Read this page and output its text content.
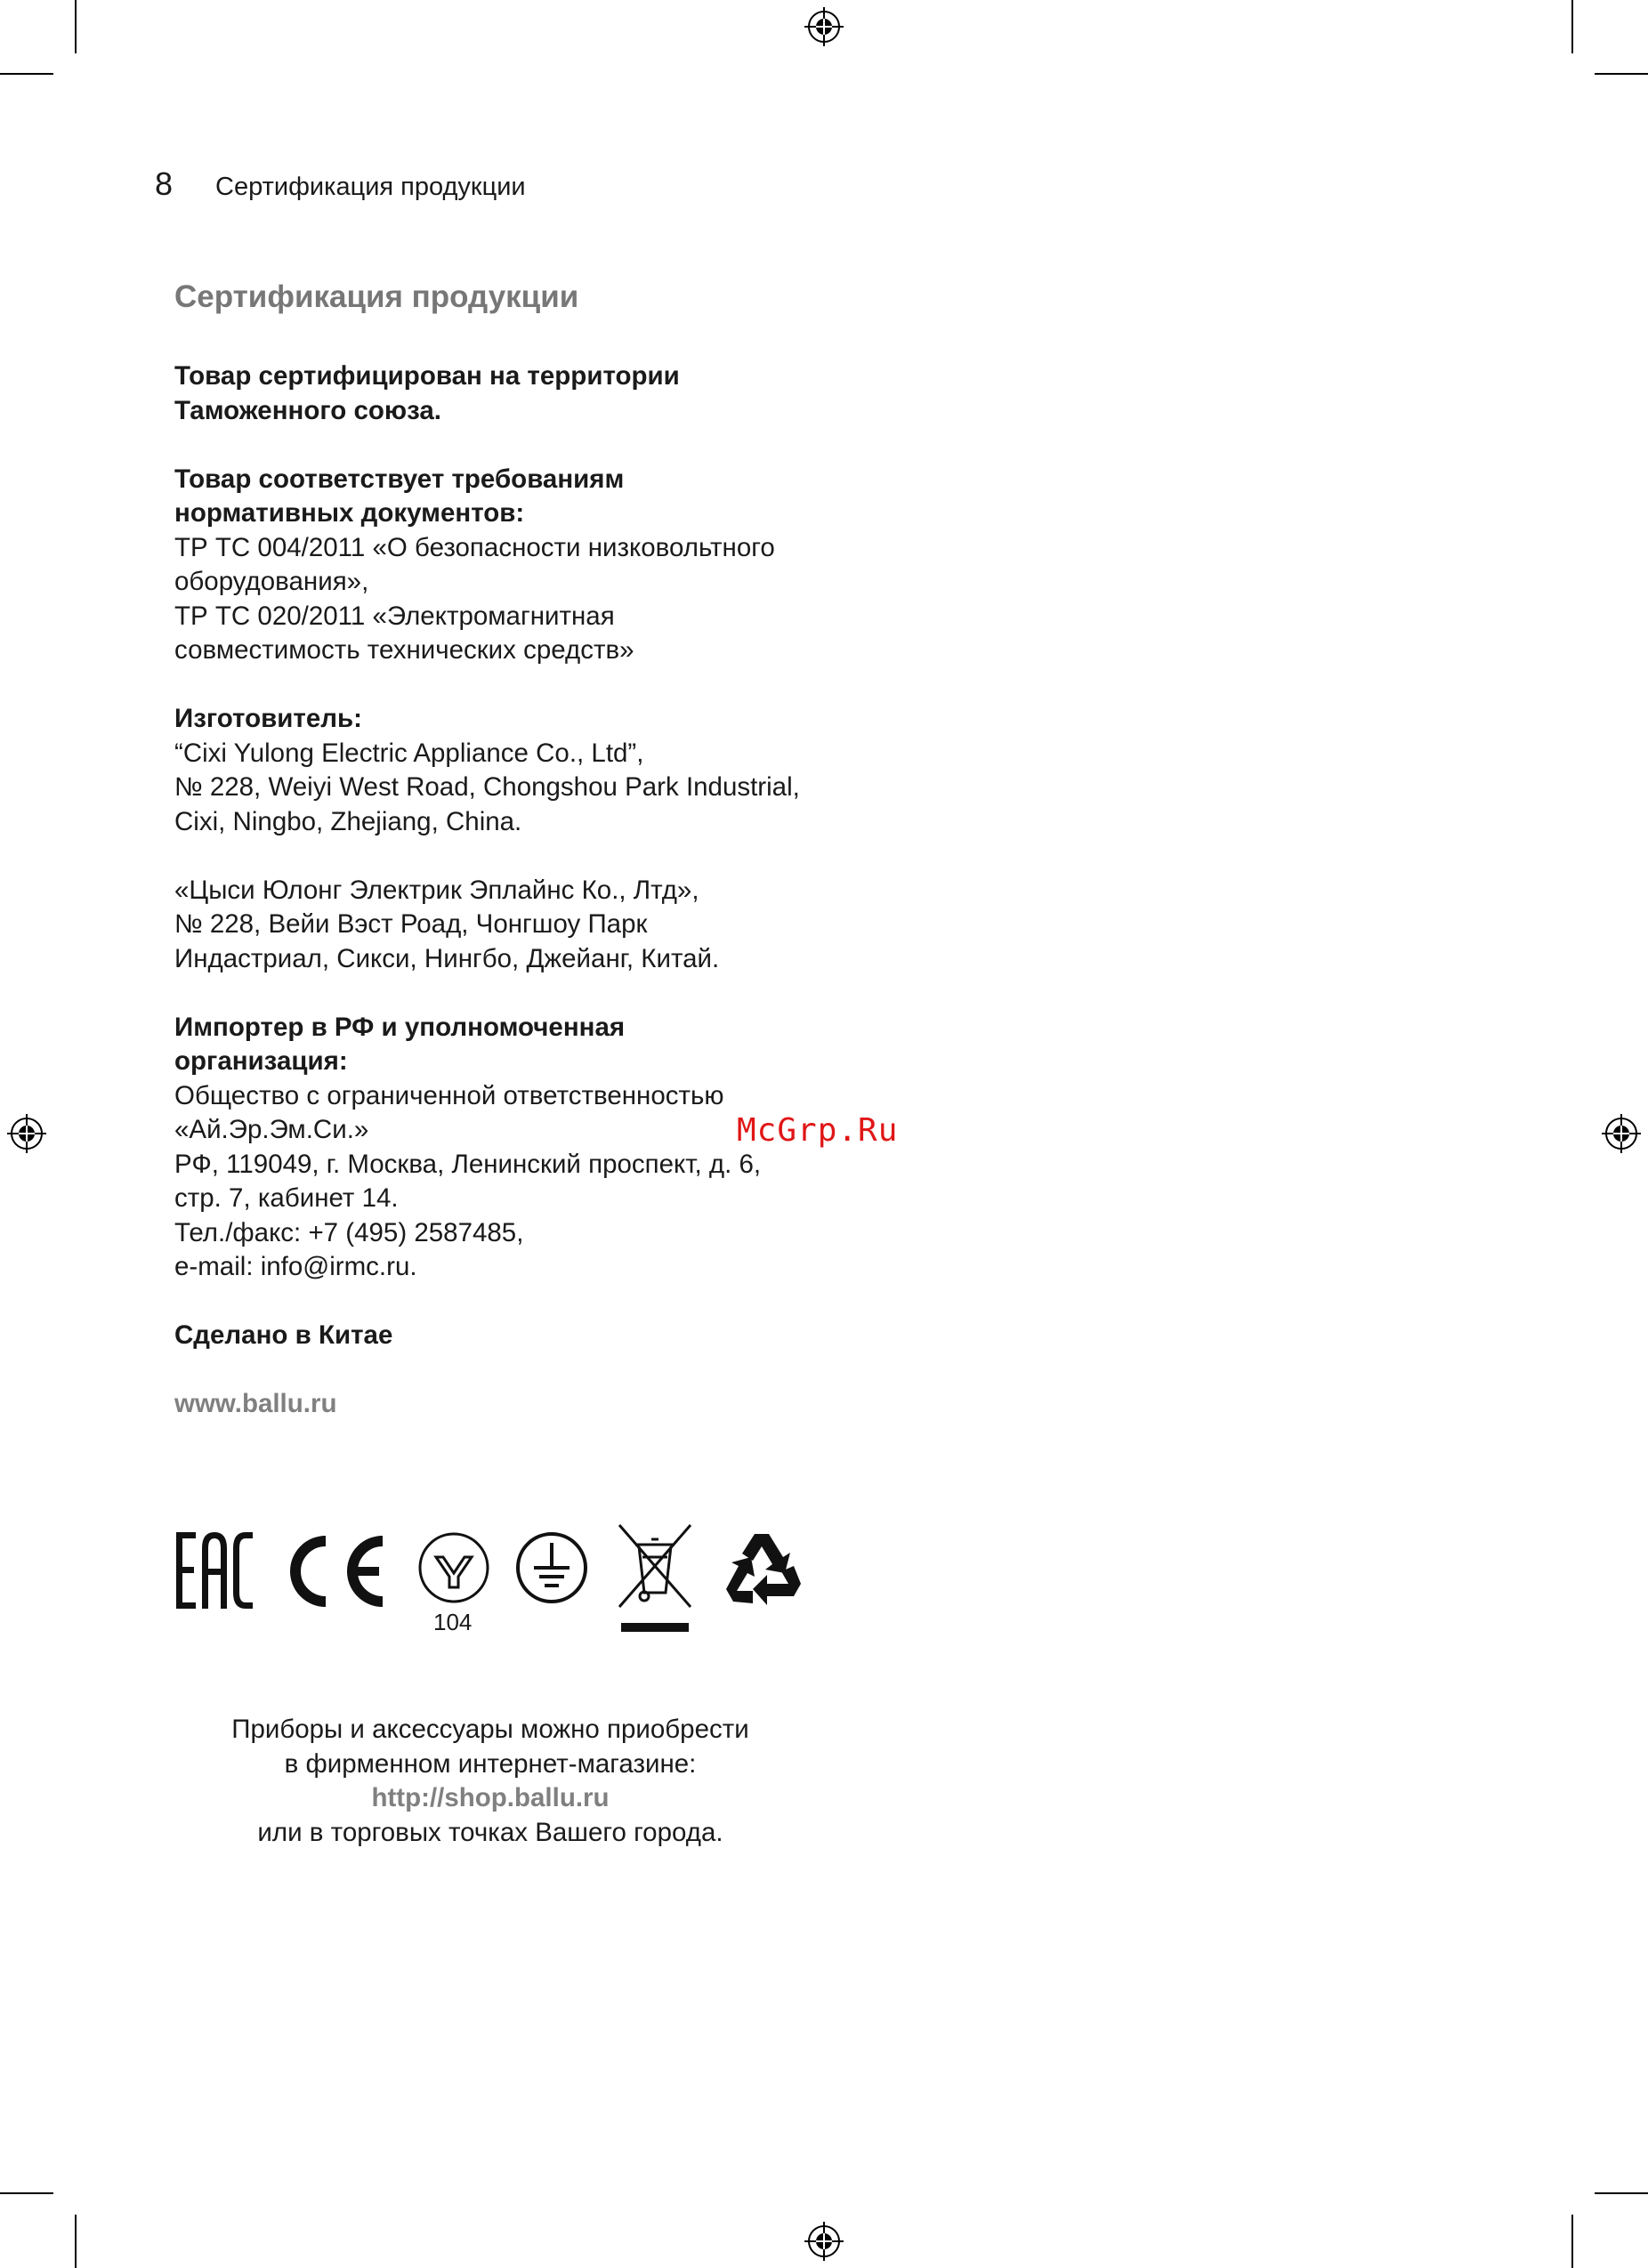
8 Сертификация продукции
Сертификация продукции
Товар сертифицирован на территории
Таможенного союза.
Товар соответствует требованиям
нормативных документов:
ТР ТС 004/2011 «О безопасности низковольтного
оборудования»,
ТР ТС 020/2011 «Электромагнитная
совместимость технических средств»
Изготовитель:
“Cixi Yulong Electric Appliance Co., Ltd”,
№ 228, Weiyi West Road, Chongshou Park Industrial,
Cixi, Ningbo, Zhejiang, China.
«Цыси Юлонг Электрик Эплайнс Ко., Лтд»,
№ 228, Вейи Вэст Роад, Чонгшоу Парк
Индастриал, Сикси, Нингбо, Джейанг, Китай.
Импортер в РФ и уполномоченная
организация:
Общество с ограниченной ответственностью
«Ай.Эр.Эм.Си.»
РФ, 119049, г. Москва, Ленинский проспект, д. 6,
стр. 7, кабинет 14.
Тел./факс: +7 (495) 2587485,
e-mail: info@irmc.ru.
Сделано в Китае
www.ballu.ru
McGrp.Ru
104
Приборы и аксессуары можно приобрести
в фирменном интернет-магазине:
http://shop.ballu.ru
или в торговых точках Вашего города.
